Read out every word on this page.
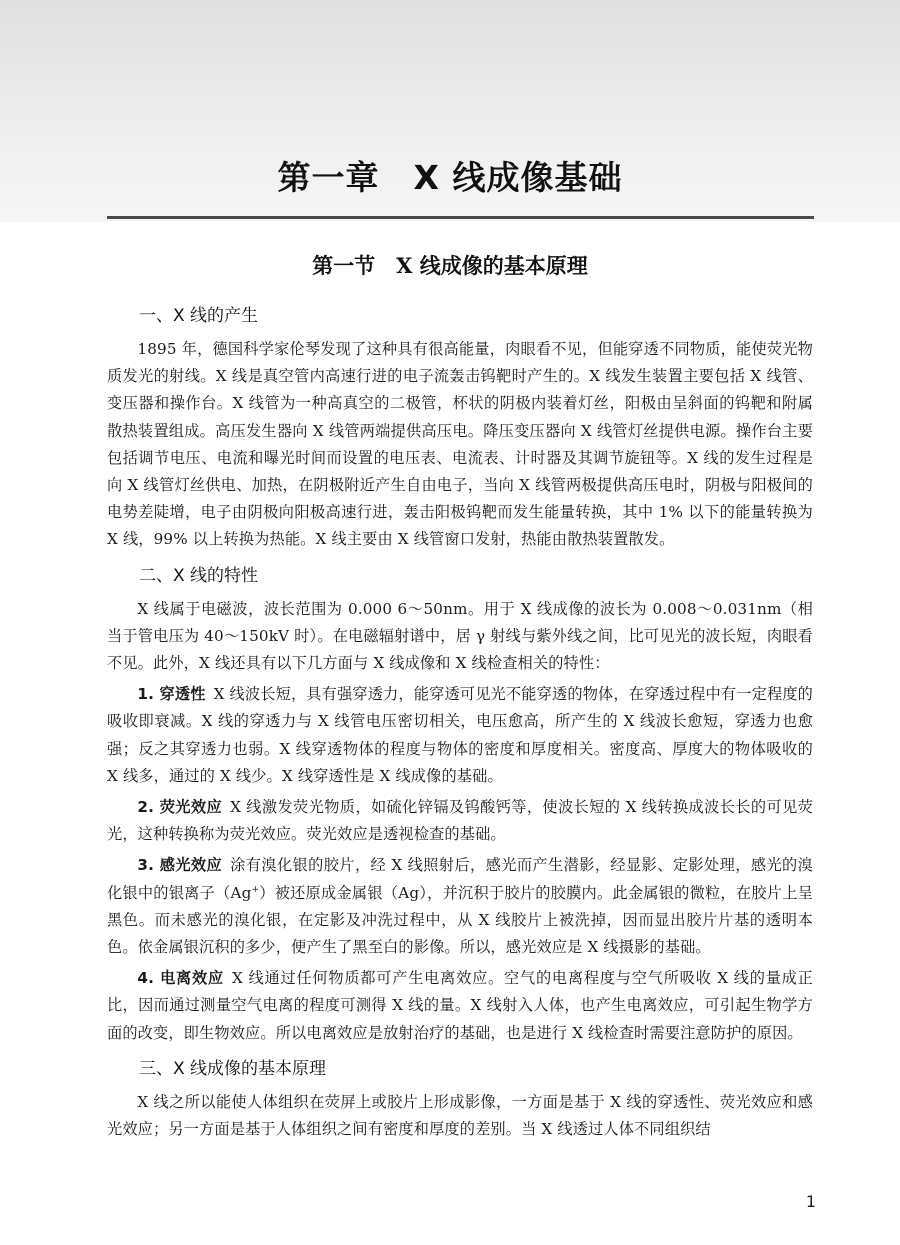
第一章　X 线成像基础
第一节　X 线成像的基本原理
一、X 线的产生

1895 年，德国科学家伦琴发现了这种具有很高能量，肉眼看不见，但能穿透不同物质，能使荧光物质发光的射线。X 线是真空管内高速行进的电子流轰击钨靶时产生的。X 线发生装置主要包括 X 线管、变压器和操作台。X 线管为一种高真空的二极管，杯状的阴极内装着灯丝，阳极由呈斜面的钨靶和附属散热装置组成。高压发生器向 X 线管两端提供高压电。降压变压器向 X 线管灯丝提供电源。操作台主要包括调节电压、电流和曝光时间而设置的电压表、电流表、计时器及其调节旋钮等。X 线的发生过程是向 X 线管灯丝供电、加热，在阴极附近产生自由电子，当向 X 线管两极提供高压电时，阴极与阳极间的电势差陡增，电子由阴极向阳极高速行进，轰击阳极钨靶而发生能量转换，其中 1% 以下的能量转换为 X 线，99% 以上转换为热能。X 线主要由 X 线管窗口发射，热能由散热装置散发。

二、X 线的特性

X 线属于电磁波，波长范围为 0.000 6～50nm。用于 X 线成像的波长为 0.008～0.031nm（相当于管电压为 40～150kV 时）。在电磁辐射谱中，居 γ 射线与紫外线之间，比可见光的波长短，肉眼看不见。此外，X 线还具有以下几方面与 X 线成像和 X 线检查相关的特性：

1. 穿透性 X 线波长短，具有强穿透力，能穿透可见光不能穿透的物体，在穿透过程中有一定程度的吸收即衰减。X 线的穿透力与 X 线管电压密切相关，电压愈高，所产生的 X 线波长愈短，穿透力也愈强；反之其穿透力也弱。X 线穿透物体的程度与物体的密度和厚度相关。密度高、厚度大的物体吸收的 X 线多，通过的 X 线少。X 线穿透性是 X 线成像的基础。

2. 荧光效应 X 线激发荧光物质，如硫化锌镉及钨酸钙等，使波长短的 X 线转换成波长长的可见荧光，这种转换称为荧光效应。荧光效应是透视检查的基础。

3. 感光效应 涂有溴化银的胶片，经 X 线照射后，感光而产生潜影，经显影、定影处理，感光的溴化银中的银离子（Ag+）被还原成金属银（Ag），并沉积于胶片的胶膜内。此金属银的微粒，在胶片上呈黑色。而未感光的溴化银，在定影及冲洗过程中，从 X 线胶片上被洗掉，因而显出胶片片基的透明本色。依金属银沉积的多少，便产生了黑至白的影像。所以，感光效应是 X 线摄影的基础。

4. 电离效应 X 线通过任何物质都可产生电离效应。空气的电离程度与空气所吸收 X 线的量成正比，因而通过测量空气电离的程度可测得 X 线的量。X 线射入人体，也产生电离效应，可引起生物学方面的改变，即生物效应。所以电离效应是放射治疗的基础，也是进行 X 线检查时需要注意防护的原因。

三、X 线成像的基本原理

X 线之所以能使人体组织在荧屏上或胶片上形成影像，一方面是基于 X 线的穿透性、荧光效应和感光效应；另一方面是基于人体组织之间有密度和厚度的差别。当 X 线透过人体不同组织结

1
